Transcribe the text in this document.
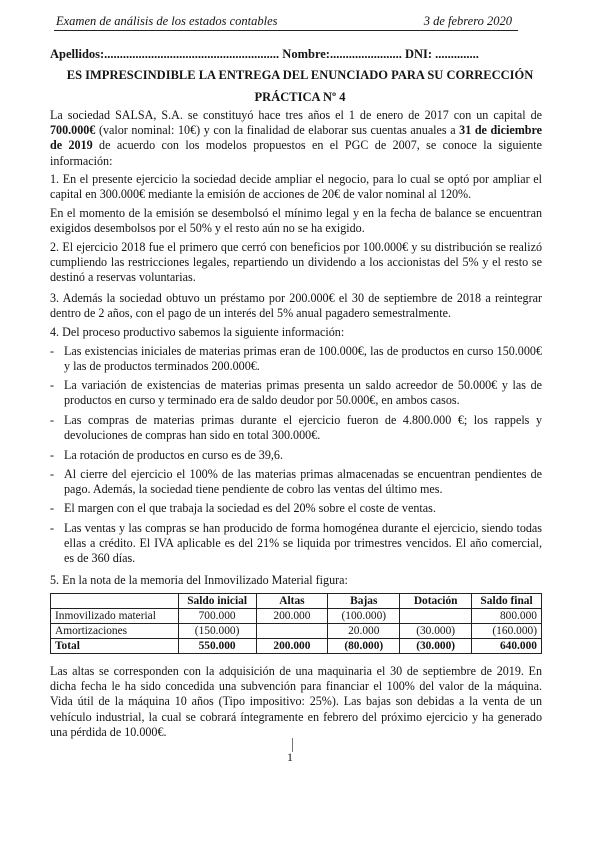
Examen de análisis de los estados contables	3 de febrero 2020
Apellidos:........................................................ Nombre:....................... DNI: ..............
ES IMPRESCINDIBLE LA ENTREGA DEL ENUNCIADO PARA SU CORRECCIÓN
PRÁCTICA Nº 4
La sociedad SALSA, S.A. se constituyó hace tres años el 1 de enero de 2017 con un capital de 700.000€ (valor nominal: 10€) y con la finalidad de elaborar sus cuentas anuales a 31 de diciembre de 2019 de acuerdo con los modelos propuestos en el PGC de 2007, se conoce la siguiente información:
1. En el presente ejercicio la sociedad decide ampliar el negocio, para lo cual se optó por ampliar el capital en 300.000€ mediante la emisión de acciones de 20€ de valor nominal al 120%.
En el momento de la emisión se desembolsó el mínimo legal y en la fecha de balance se encuentran exigidos desembolsos por el 50% y el resto aún no se ha exigido.
2. El ejercicio 2018 fue el primero que cerró con beneficios por 100.000€ y su distribución se realizó cumpliendo las restricciones legales, repartiendo un dividendo a los accionistas del 5% y el resto se destinó a reservas voluntarias.
3. Además la sociedad obtuvo un préstamo por 200.000€ el 30 de septiembre de 2018 a reintegrar dentro de 2 años, con el pago de un interés del 5% anual pagadero semestralmente.
4. Del proceso productivo sabemos la siguiente información:
- Las existencias iniciales de materias primas eran de 100.000€, las de productos en curso 150.000€ y las de productos terminados 200.000€.
- La variación de existencias de materias primas presenta un saldo acreedor de 50.000€ y las de productos en curso y terminado era de saldo deudor por 50.000€, en ambos casos.
- Las compras de materias primas durante el ejercicio fueron de 4.800.000 €; los rappels y devoluciones de compras han sido en total 300.000€.
- La rotación de productos en curso es de 39,6.
- Al cierre del ejercicio el 100% de las materias primas almacenadas se encuentran pendientes de pago. Además, la sociedad tiene pendiente de cobro las ventas del último mes.
- El margen con el que trabaja la sociedad es del 20% sobre el coste de ventas.
- Las ventas y las compras se han producido de forma homogénea durante el ejercicio, siendo todas ellas a crédito. El IVA aplicable es del 21% se liquida por trimestres vencidos. El año comercial, es de 360 días.
5. En la nota de la memoria del Inmovilizado Material figura:
	Saldo inicial	Altas	Bajas	Dotación	Saldo final
Inmovilizado material	700.000	200.000	(100.000)		800.000
Amortizaciones	(150.000)		20.000	(30.000)	(160.000)
Total	550.000	200.000	(80.000)	(30.000)	640.000
Las altas se corresponden con la adquisición de una maquinaria el 30 de septiembre de 2019. En dicha fecha le ha sido concedida una subvención para financiar el 100% del valor de la máquina. Vida útil de la máquina 10 años (Tipo impositivo: 25%). Las bajas son debidas a la venta de un vehículo industrial, la cual se cobrará íntegramente en febrero del próximo ejercicio y ha generado una pérdida de 10.000€.
1
